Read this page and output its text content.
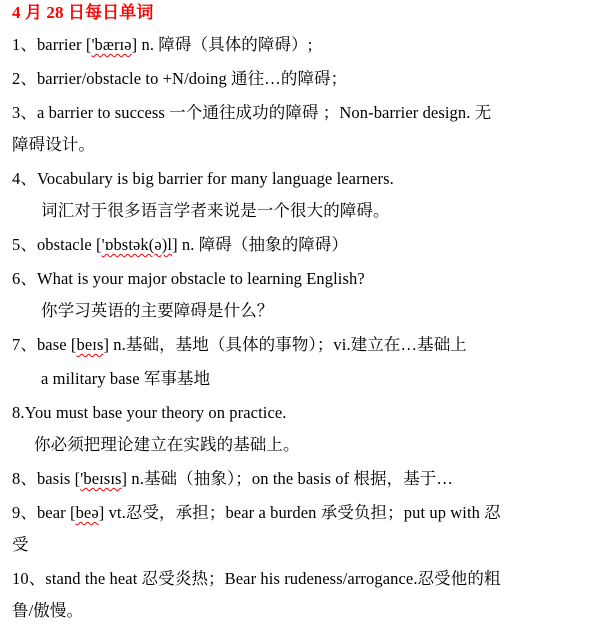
4 月 28 日每日单词
1、barrier ['bærɪə] n. 障碍（具体的障碍）;
2、barrier/obstacle to +N/doing 通往…的障碍；
3、a barrier to success 一个通往成功的障碍 ；Non-barrier design. 无
障碍设计。
4、Vocabulary is big barrier for many language learners.
词汇对于很多语言学者来说是一个很大的障碍。
5、obstacle ['ɒbstək(ə)l] n. 障碍（抽象的障碍）
6、What is your major obstacle to learning English?
你学习英语的主要障碍是什么？
7、base [beɪs] n.基础，基地（具体的事物）；vi.建立在…基础上
a military base 军事基地
8.You must base your theory on practice.
你必须把理论建立在实践的基础上。
8、basis ['beɪsɪs] n.基础（抽象）；on the basis of 根据，基于…
9、bear [beə] vt.忍受，承担；bear a burden 承受负担；put up with 忍
受
10、stand the heat 忍受炎热；Bear his rudeness/arrogance.忍受他的粗
鲁/傲慢。
